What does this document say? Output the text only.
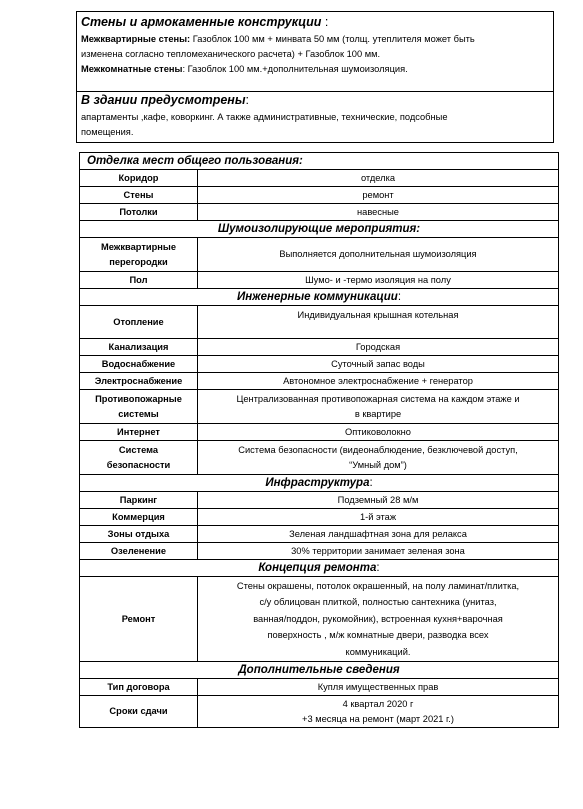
Стены и армокаменные конструкции :

Межквартирные стены: Газоблок 100 мм + минвата 50 мм (толщ. утеплителя может быть

изменена согласно тепломеханического расчета) + Газоблок 100 мм.

Межкомнатные стены: Газоблок 100 мм.+дополнительная шумоизоляция.

В здании предусмотрены:

апартаменты ,кафе, коворкинг. А также административные, технические, подсобные

помещения.

Отделка мест общего пользования:	
Коридор	отделка
Стены	ремонт
Потолки	навесные
Шумоизолирующие мероприятия:	
Межквартирные
перегородки	Выполняется дополнительная шумоизоляция
Пол	Шумо- и -термо изоляция на полу
Инженерные коммуникации:	
Отопление	Индивидуальная крышная котельная
Канализация	Городская
Водоснабжение	Суточный запас воды
Электроснабжение	Автономное электроснабжение + генератор
Противопожарные
системы	Централизованная противопожарная система на каждом этаже и
в квартире
Интернет	Оптиковолокно
Система
безопасности	Система безопасности (видеонаблюдение, безключевой доступ,
“Умный дом”)
Инфраструктура:	
Паркинг	Подземный 28 м/м
Коммерция	1-й этаж
Зоны отдыха	Зеленая ландшафтная зона для релакса
Озеленение	30% территории занимает зеленая зона
Концепция ремонта:	
Ремонт	Стены окрашены, потолок окрашенный, на полу ламинат/плитка,
с/у облицован плиткой, полностью сантехника (унитаз,
ванная/поддон, рукомойник), встроенная кухня+варочная
поверхность , м/ж комнатные двери, разводка всех
коммуникаций.
Дополнительные сведения	
Тип договора	Купля имущественных прав
Сроки сдачи	4 квартал 2020 г
+3 месяца на ремонт (март 2021 г.)
